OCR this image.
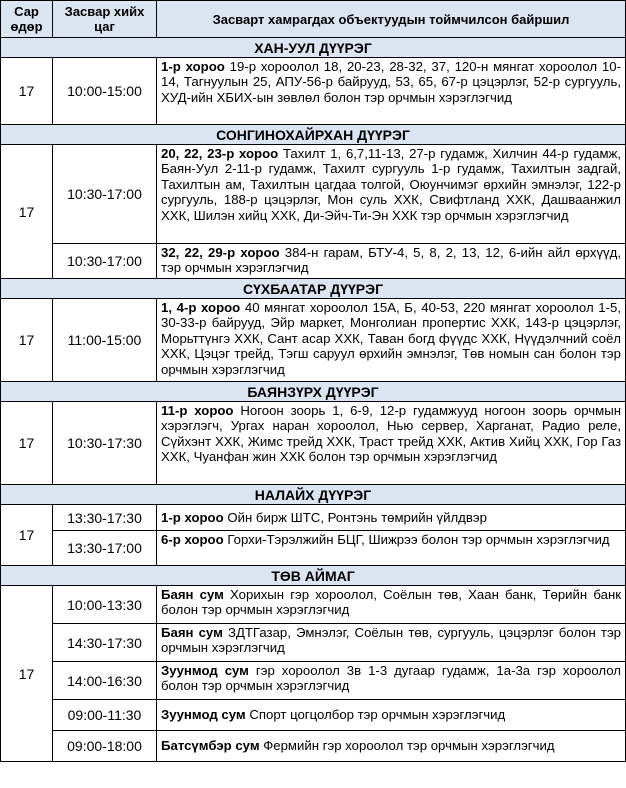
Сар өдөр	Засвар хийх цаг	Засварт хамрагдах объектуудын тоймчилсон байршил
ХАН-УУЛ ДҮҮРЭГ		
17	10:00-15:00	1-р хороо 19-р хороолол 18, 20-23, 28-32, 37, 120-н мянгат хороолол 10-14, Тагнуулын 25, АПУ-56-р байрууд, 53, 65, 67-р цэцэрлэг, 52-р сургууль, ХУД-ийн ХБИХ-ын зөвлөл болон тэр орчмын хэрэглэгчид

СОНГИНОХАЙРХАН ДҮҮРЭГ		
17	10:30-17:00	20, 22, 23-р хороо Тахилт 1, 6,7,11-13, 27-р гудамж, Хилчин 44-р гудамж, Баян-Уул 2-11-р гудамж, Тахилт сургууль 1-р гудамж, Тахилтын задгай, Тахилтын ам, Тахилтын цагдаа толгой, Оюунчимэг өрхийн эмнэлэг, 122-р сургууль, 188-р цэцэрлэг, Мон суль ХХК, Свифтланд ХХК, Дашваанжил ХХК, Шилэн хийц ХХК, Ди-Эйч-Ти-Эн ХХК тэр орчмын хэрэглэгчид

	10:30-17:00	32, 22, 29-р хороо 384-н гарам, БТУ-4, 5, 8, 2, 13, 12, 6-ийн айл өрхүүд, тэр орчмын хэрэглэгчид

СҮХБААТАР ДҮҮРЭГ		
17	11:00-15:00	1, 4-р хороо 40 мянгат хороолол 15А, Б, 40-53, 220 мянгат хороолол 1-5, 30-33-р байрууд, Эйр маркет, Монголиан пропертис ХХК, 143-р цэцэрлэг, Морьттүнгэ ХХК, Сант асар ХХК, Таван богд фүүдс ХХК, Нүүдэлчний соёл ХХК, Цэцэг трейд, Тэгш саруул өрхийн эмнэлэг, Төв номын сан болон тэр орчмын хэрэглэгчид

БАЯНЗҮРХ ДҮҮРЭГ		
17	10:30-17:30	11-р хороо Ногоон зоорь 1, 6-9, 12-р гудамжууд ногоон зоорь орчмын хэрэглэгч, Ургах наран хороолол, Нью сервер, Харганат, Радио реле, Сүйхэнт ХХК, Жимс трейд ХХК, Траст трейд ХХК, Актив Хийц ХХК, Гор Газ ХХК, Чуанфан жин ХХК болон тэр орчмын хэрэглэгчид

НАЛАЙХ ДҮҮРЭГ		
17	13:30-17:30	1-р хороо Ойн бирж ШТС, Ронтэнь төмрийн үйлдвэр
	13:30-17:00	6-р хороо Горхи-Тэрэлжийн БЦГ, Шижрээ болон тэр орчмын хэрэглэгчид

ТӨВ АЙМАГ		
17	10:00-13:30	Баян сум Хорихын гэр хороолол, Соёлын төв, Хаан банк, Төрийн банк болон тэр орчмын хэрэглэгчид

	14:30-17:30	Баян сум ЗДТГазар, Эмнэлэг, Соёлын төв, сургууль, цэцэрлэг болон тэр орчмын хэрэглэгчид

	14:00-16:30	Зуунмод сум гэр хороолол 3в 1-3 дугаар гудамж, 1а-3а гэр хороолол болон тэр орчмын хэрэглэгчид

	09:00-11:30	Зуунмод сум Спорт цогцолбор тэр орчмын хэрэглэгчид
	09:00-18:00	Батсүмбэр сум Фермийн гэр хороолол тэр орчмын хэрэглэгчид
